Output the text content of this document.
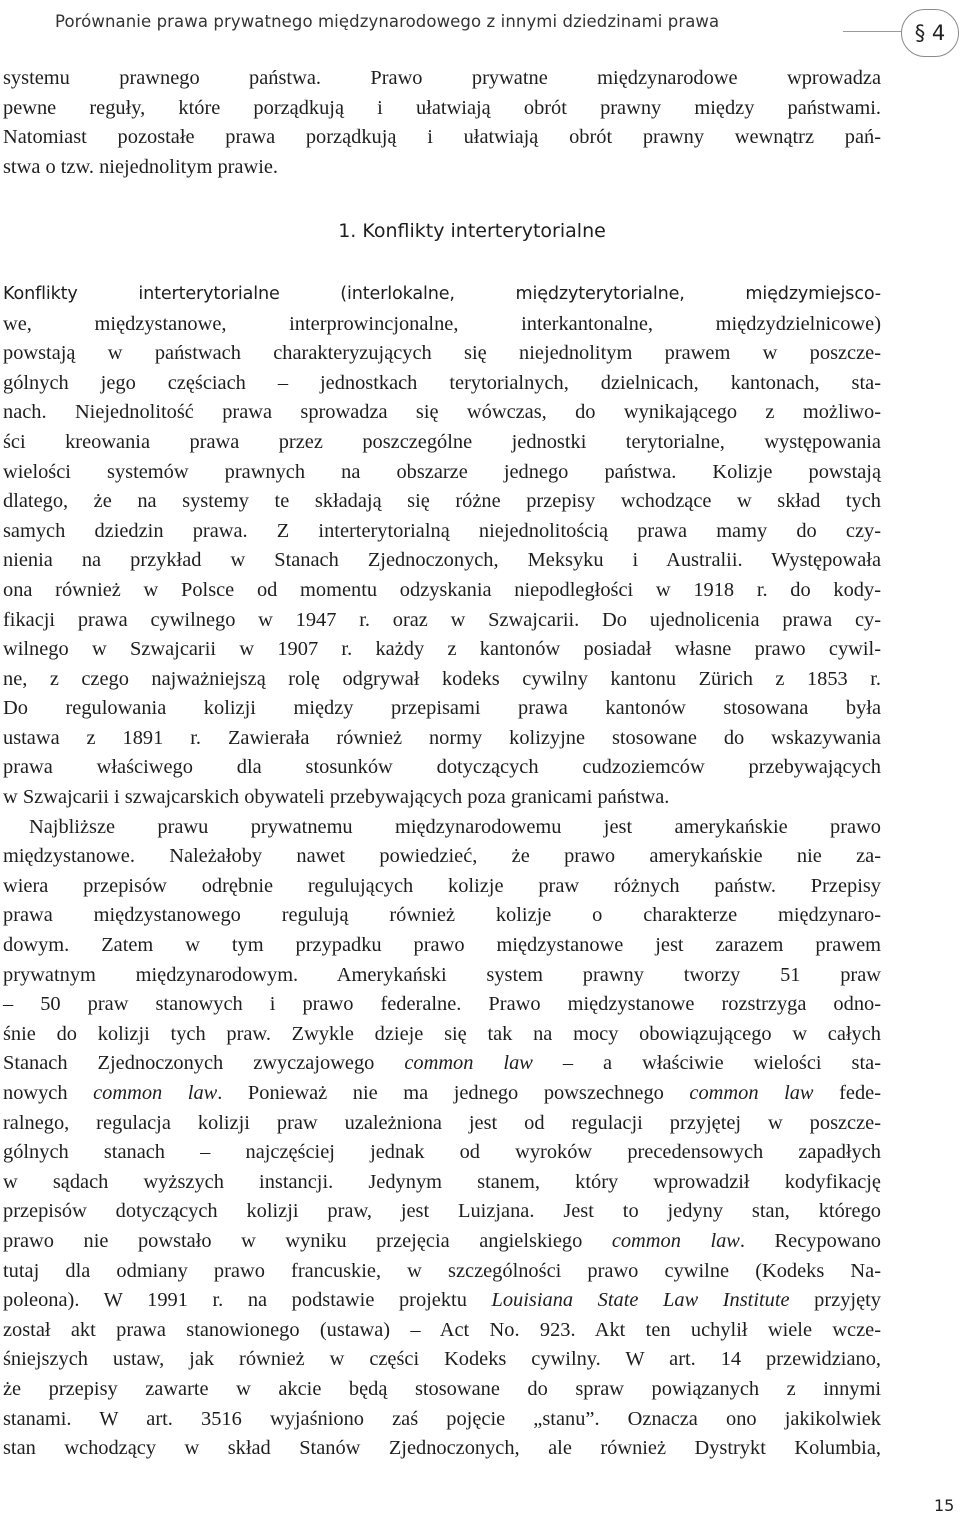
Porównanie prawa prywatnego międzynarodowego z innymi dziedzinami prawa	§ 4

systemu prawnego państwa. Prawo prywatne międzynarodowe wprowadza

pewne reguły, które porządkują i ułatwiają obrót prawny między państwami.

Natomiast pozostałe prawa porządkują i ułatwiają obrót prawny wewnątrz pań-

stwa o tzw. niejednolitym prawie.

1. Konflikty interterytorialne

Konflikty interterytorialne (interlokalne, międzyterytorialne, międzymiejsco-

we, międzystanowe, interprowincjonalne, interkantonalne, międzydzielnicowe)

powstają w państwach charakteryzujących się niejednolitym prawem w poszcze-

gólnych jego częściach – jednostkach terytorialnych, dzielnicach, kantonach, sta-

nach. Niejednolitość prawa sprowadza się wówczas, do wynikającego z możliwo-

ści kreowania prawa przez poszczególne jednostki terytorialne, występowania

wielości systemów prawnych na obszarze jednego państwa. Kolizje powstają

dlatego, że na systemy te składają się różne przepisy wchodzące w skład tych

samych dziedzin prawa. Z interterytorialną niejednolitością prawa mamy do czy-

nienia na przykład w Stanach Zjednoczonych, Meksyku i Australii. Występowała

ona również w Polsce od momentu odzyskania niepodległości w 1918 r. do kody-

fikacji prawa cywilnego w 1947 r. oraz w Szwajcarii. Do ujednolicenia prawa cy-

wilnego w Szwajcarii w 1907 r. każdy z kantonów posiadał własne prawo cywil-

ne, z czego najważniejszą rolę odgrywał kodeks cywilny kantonu Zürich z 1853 r.

Do regulowania kolizji między przepisami prawa kantonów stosowana była

ustawa z 1891 r. Zawierała również normy kolizyjne stosowane do wskazywania

prawa właściwego dla stosunków dotyczących cudzoziemców przebywających

w Szwajcarii i szwajcarskich obywateli przebywających poza granicami państwa.

Najbliższe prawu prywatnemu międzynarodowemu jest amerykańskie prawo

międzystanowe. Należałoby nawet powiedzieć, że prawo amerykańskie nie za-

wiera przepisów odrębnie regulujących kolizje praw różnych państw. Przepisy

prawa międzystanowego regulują również kolizje o charakterze międzynaro-

dowym. Zatem w tym przypadku prawo międzystanowe jest zarazem prawem

prywatnym międzynarodowym. Amerykański system prawny tworzy 51 praw

– 50 praw stanowych i prawo federalne. Prawo międzystanowe rozstrzyga odno-

śnie do kolizji tych praw. Zwykle dzieje się tak na mocy obowiązującego w całych

Stanach Zjednoczonych zwyczajowego common law – a właściwie wielości sta-

nowych common law. Ponieważ nie ma jednego powszechnego common law fede-

ralnego, regulacja kolizji praw uzależniona jest od regulacji przyjętej w poszcze-

gólnych stanach – najczęściej jednak od wyroków precedensowych zapadłych

w sądach wyższych instancji. Jedynym stanem, który wprowadził kodyfikację

przepisów dotyczących kolizji praw, jest Luizjana. Jest to jedyny stan, którego

prawo nie powstało w wyniku przejęcia angielskiego common law. Recypowano

tutaj dla odmiany prawo francuskie, w szczególności prawo cywilne (Kodeks Na-

poleona). W 1991 r. na podstawie projektu Louisiana State Law Institute przyjęty

został akt prawa stanowionego (ustawa) – Act No. 923. Akt ten uchylił wiele wcze-

śniejszych ustaw, jak również w części Kodeks cywilny. W art. 14 przewidziano,

że przepisy zawarte w akcie będą stosowane do spraw powiązanych z innymi

stanami. W art. 3516 wyjaśniono zaś pojęcie „stanu”. Oznacza ono jakikolwiek

stan wchodzący w skład Stanów Zjednoczonych, ale również Dystrykt Kolumbia,

15
